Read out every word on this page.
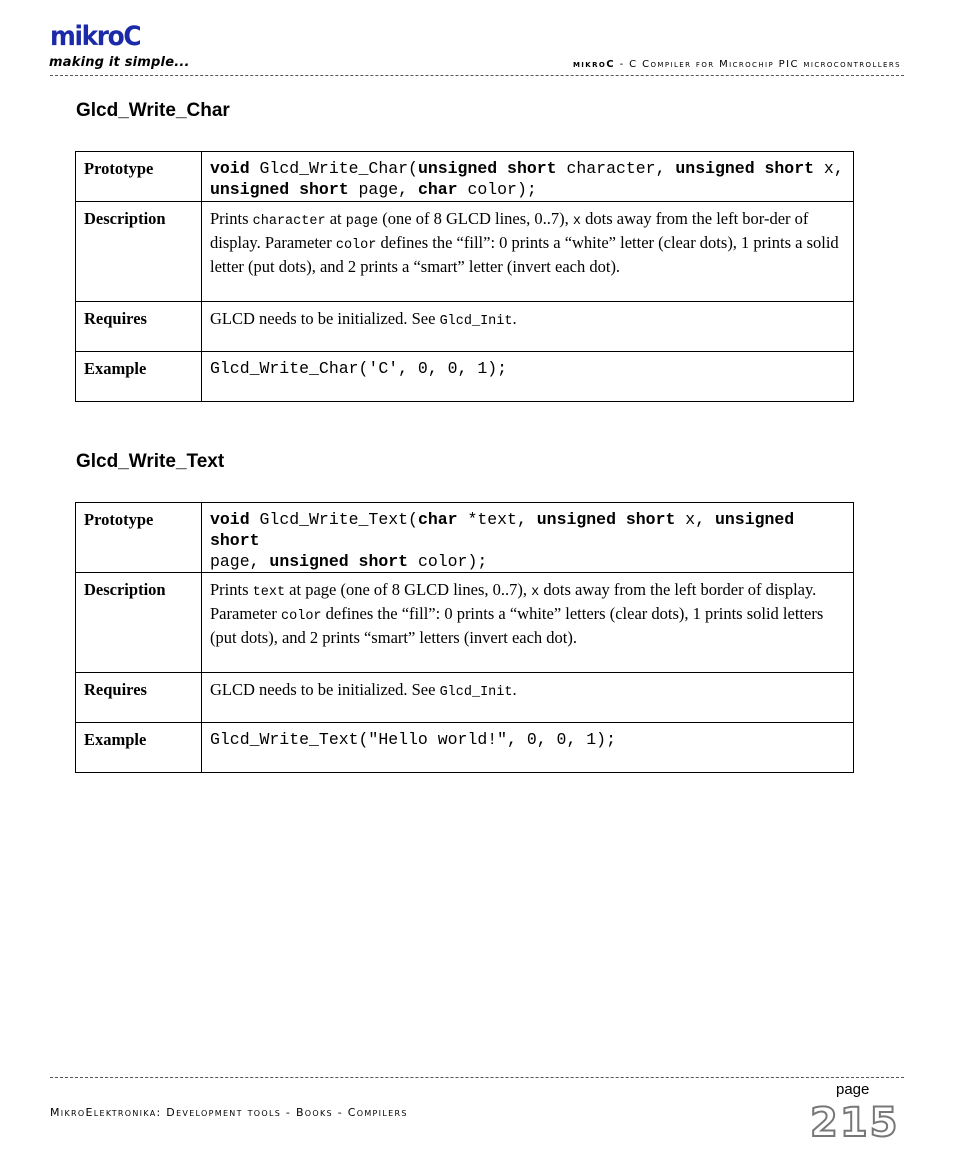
mikroC
making it simple...	mikroC - C Compiler for Microchip PIC microcontrollers
Glcd_Write_Char
Prototype	void Glcd_Write_Char(unsigned short character, unsigned short x,
unsigned short page, char color);
Description	Prints character at page (one of 8 GLCD lines, 0..7), x dots away from the left bor-der of display. Parameter color defines the “fill”: 0 prints a “white” letter (clear dots), 1 prints a solid letter (put dots), and 2 prints a “smart” letter (invert each dot).
Requires	GLCD needs to be initialized. See Glcd_Init.
Example	Glcd_Write_Char('C', 0, 0, 1);
Glcd_Write_Text
Prototype	void Glcd_Write_Text(char *text, unsigned short x, unsigned short
page, unsigned short color);
Description	Prints text at page (one of 8 GLCD lines, 0..7), x dots away from the left border of display. Parameter color defines the “fill”: 0 prints a “white” letters (clear dots), 1 prints solid letters (put dots), and 2 prints “smart” letters (invert each dot).
Requires	GLCD needs to be initialized. See Glcd_Init.
Example	Glcd_Write_Text("Hello world!", 0, 0, 1);
page
MikroElektronika: Development tools - Books - Compilers	215
